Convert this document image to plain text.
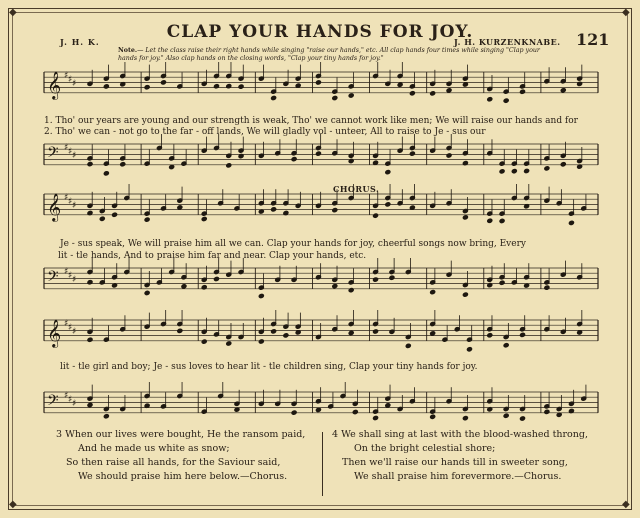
◆	◆
◆	◆
CLAP YOUR HANDS FOR JOY.
J. H. K.	J. H. KURZENKNABE. 121
Note.— Let the class raise their right hands while singing "raise our hands," etc. All clap hands four times while singing "Clap your hands for joy." Also clap hands on the closing words, "Clap your tiny hands for joy."
𝄞 ♯ ♯ ♯
𝄢 ♯ ♯ ♯
𝄞 ♯ ♯ ♯
𝄢 ♯ ♯ ♯
𝄞 ♯ ♯ ♯
𝄢 ♯ ♯ ♯
1. Tho' our years are young and our strength is weak, Tho' we cannot work like men; We will raise our hands and for
2. Tho' we can - not go to the far - off lands, We will gladly vol - unteer, All to raise to Je - sus our
CHORUS.
Je - sus speak, We will praise him all we can. Clap your hands for joy, cheerful songs now bring, Every
lit - tle hands, And to praise him far and near. Clap your hands, etc.
lit - tle girl and boy; Je - sus loves to hear lit - tle children sing, Clap your tiny hands for joy.
3 When our lives were bought, He the ransom paid,
And he made us white as snow;
So then raise all hands, for the Saviour said,
We should praise him here below.—Chorus.
4 We shall sing at last with the blood-washed throng,
On the bright celestial shore;
Then we'll raise our hands till in sweeter song,
We shall praise him forevermore.—Chorus.
